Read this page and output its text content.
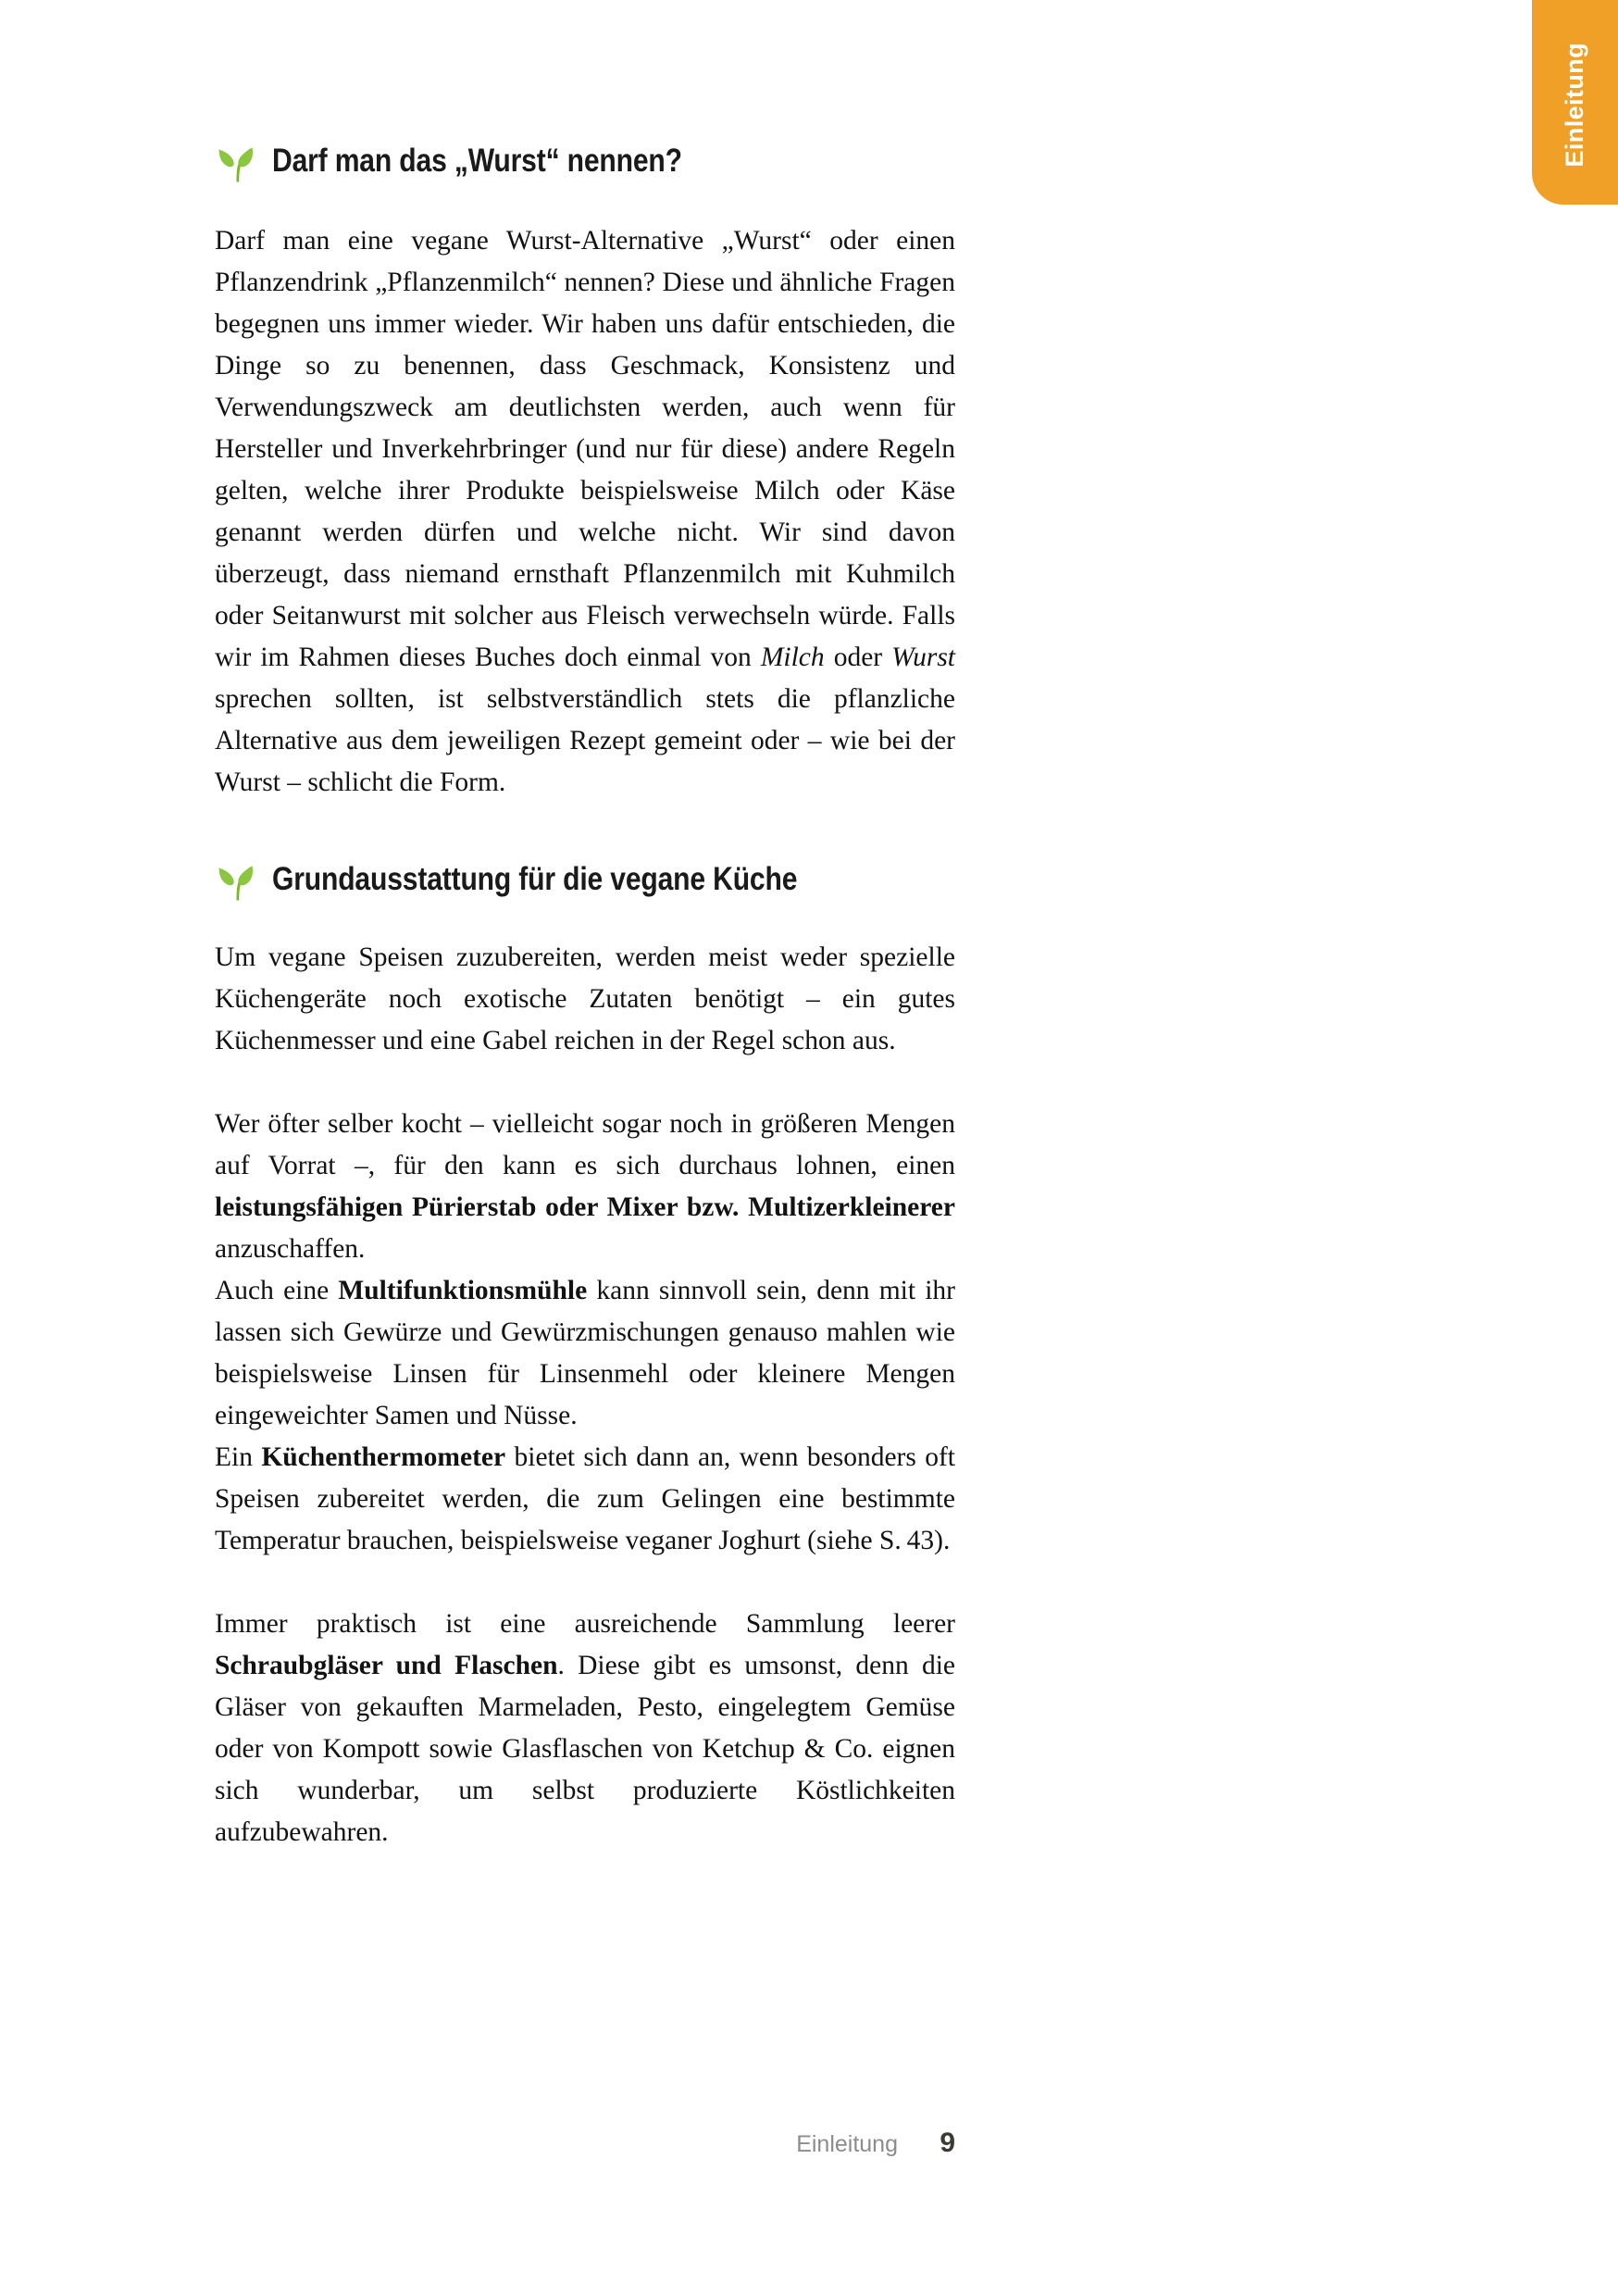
Einleitung
Darf man das „Wurst“ nennen?

Darf man eine vegane Wurst-Alternative „Wurst“ oder einen Pflanzendrink „Pflanzenmilch“ nennen? Diese und ähnliche Fragen begegnen uns immer wieder. Wir haben uns dafür entschieden, die Dinge so zu benennen, dass Geschmack, Konsistenz und Verwendungszweck am deutlichsten werden, auch wenn für Hersteller und Inverkehrbringer (und nur für diese) andere Regeln gelten, welche ihrer Produkte beispielsweise Milch oder Käse genannt werden dürfen und welche nicht. Wir sind davon überzeugt, dass niemand ernsthaft Pflanzenmilch mit Kuhmilch oder Seitanwurst mit solcher aus Fleisch verwechseln würde. Falls wir im Rahmen dieses Buches doch einmal von Milch oder Wurst sprechen sollten, ist selbstverständlich stets die pflanzliche Alternative aus dem jeweiligen Rezept gemeint oder – wie bei der Wurst – schlicht die Form.

Grundausstattung für die vegane Küche

Um vegane Speisen zuzubereiten, werden meist weder spezielle Küchengeräte noch exotische Zutaten benötigt – ein gutes Küchenmesser und eine Gabel reichen in der Regel schon aus.

Wer öfter selber kocht – vielleicht sogar noch in größeren Mengen auf Vorrat –, für den kann es sich durchaus lohnen, einen leistungsfähigen Pürierstab oder Mixer bzw. Multizerkleinerer anzuschaffen.

Auch eine Multifunktionsmühle kann sinnvoll sein, denn mit ihr lassen sich Gewürze und Gewürzmischungen genauso mahlen wie beispielsweise Linsen für Linsenmehl oder kleinere Mengen eingeweichter Samen und Nüsse.

Ein Küchenthermometer bietet sich dann an, wenn besonders oft Speisen zubereitet werden, die zum Gelingen eine bestimmte Temperatur brauchen, beispielsweise veganer Joghurt (siehe S. 43).

Immer praktisch ist eine ausreichende Sammlung leerer Schraubgläser und Flaschen. Diese gibt es umsonst, denn die Gläser von gekauften Marmeladen, Pesto, eingelegtem Gemüse oder von Kompott sowie Glasflaschen von Ketchup & Co. eignen sich wunderbar, um selbst produzierte Köstlichkeiten aufzubewahren.

Einleitung	9
